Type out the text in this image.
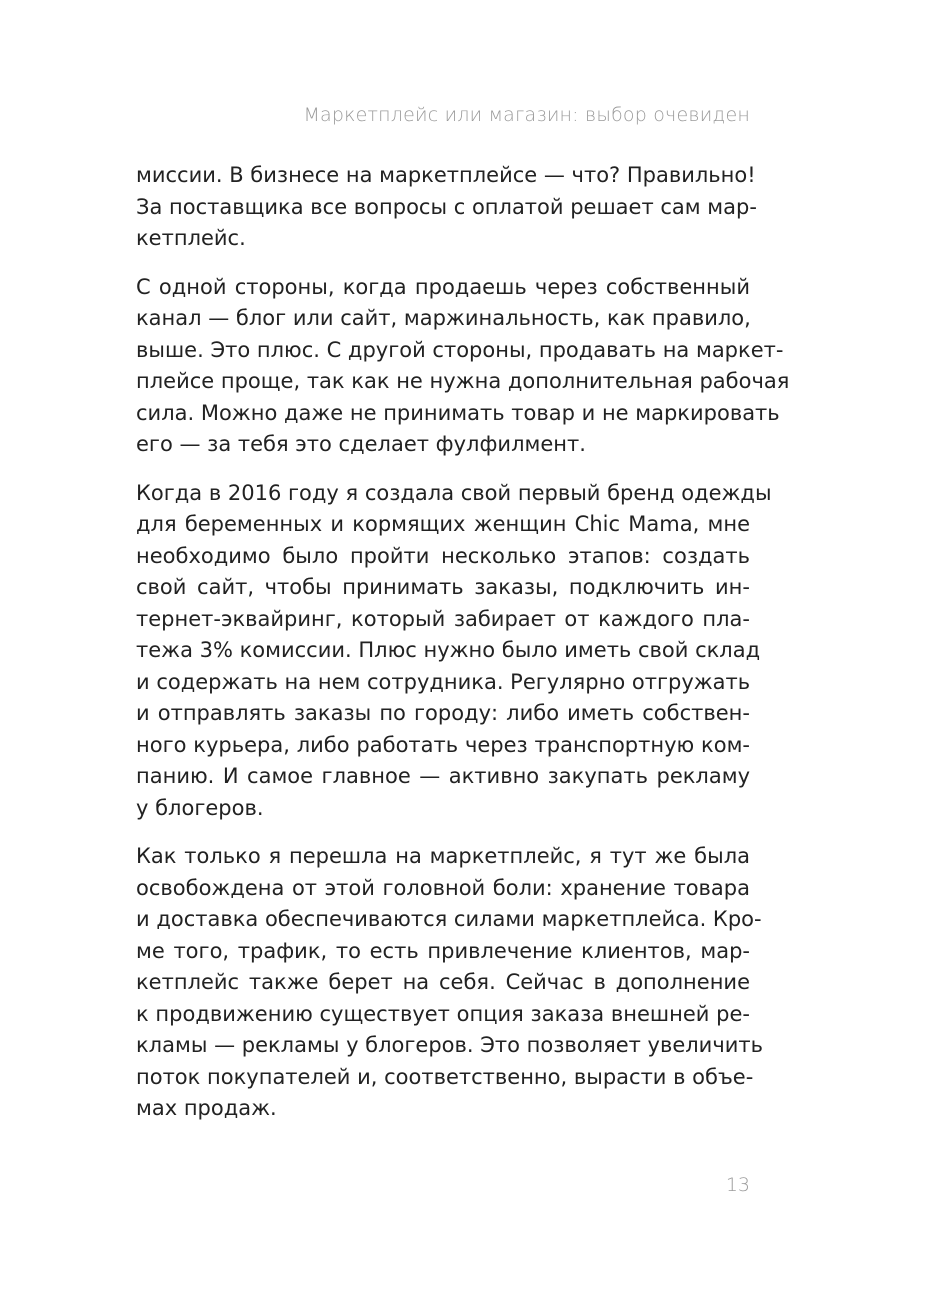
Маркетплейс или магазин: выбор очевиден
миссии. В бизнесе на маркетплейсе — что? Правильно!
За поставщика все вопросы с оплатой решает сам мар-
кетплейс.
С одной стороны, когда продаешь через собственный
канал — блог или сайт, маржинальность, как правило,
выше. Это плюс. С другой стороны, продавать на маркет-
плейсе проще, так как не нужна дополнительная рабочая
сила. Можно даже не принимать товар и не маркировать
его — за тебя это сделает фулфилмент.
Когда в 2016 году я создала свой первый бренд одежды
для беременных и кормящих женщин Chic Mama, мне
необходимо было пройти несколько этапов: создать
свой сайт, чтобы принимать заказы, подключить ин-
тернет-эквайринг, который забирает от каждого пла-
тежа 3% комиссии. Плюс нужно было иметь свой склад
и содержать на нем сотрудника. Регулярно отгружать
и отправлять заказы по городу: либо иметь собствен-
ного курьера, либо работать через транспортную ком-
панию. И самое главное — активно закупать рекламу
у блогеров.
Как только я перешла на маркетплейс, я тут же была
освобождена от этой головной боли: хранение товара
и доставка обеспечиваются силами маркетплейса. Кро-
ме того, трафик, то есть привлечение клиентов, мар-
кетплейс также берет на себя. Сейчас в дополнение
к продвижению существует опция заказа внешней ре-
кламы — рекламы у блогеров. Это позволяет увеличить
поток покупателей и, соответственно, вырасти в объе-
мах продаж.
13
